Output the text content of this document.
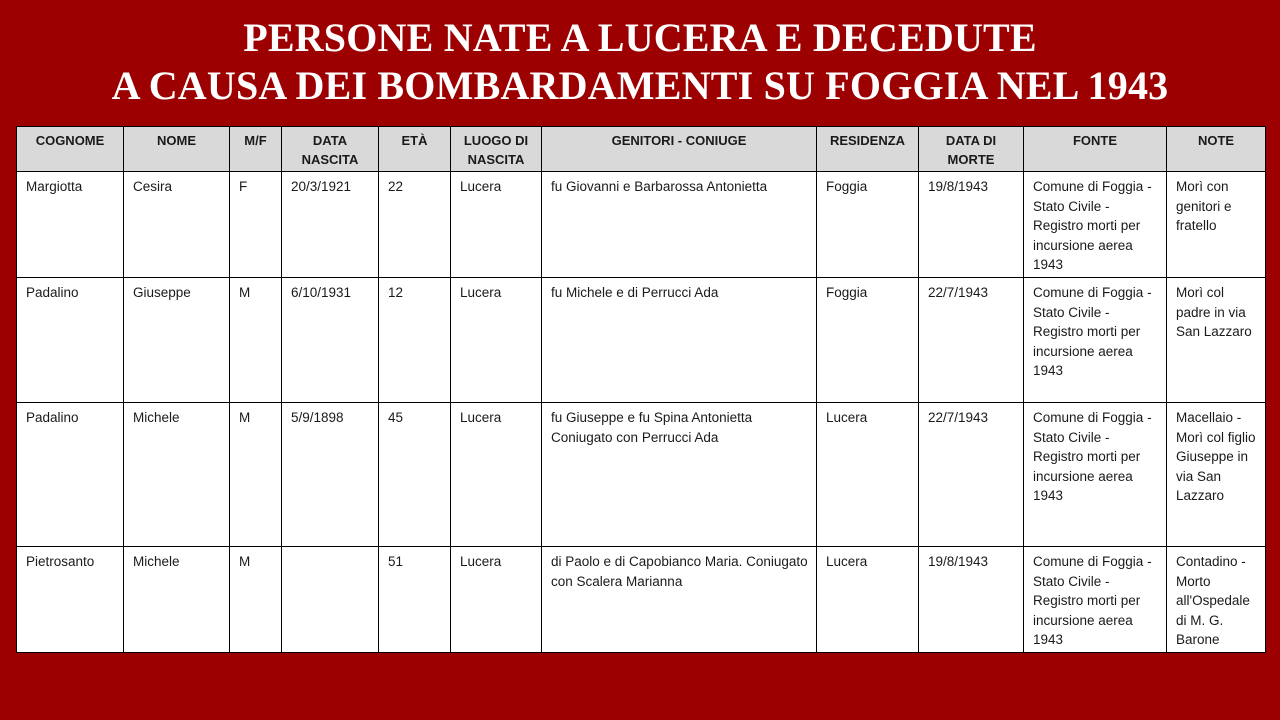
PERSONE NATE A LUCERA E DECEDUTE
A CAUSA DEI BOMBARDAMENTI SU FOGGIA NEL 1943
COGNOME	NOME	M/F	DATA NASCITA	ETÀ	LUOGO DI NASCITA	GENITORI - CONIUGE	RESIDENZA	DATA DI MORTE	FONTE	NOTE
Margiotta	Cesira	F	20/3/1921	22	Lucera	fu Giovanni e Barbarossa Antonietta	Foggia	19/8/1943	Comune di Foggia - Stato Civile - Registro morti per incursione aerea 1943	Morì con genitori e fratello
Padalino	Giuseppe	M	6/10/1931	12	Lucera	fu Michele e di Perrucci Ada	Foggia	22/7/1943	Comune di Foggia - Stato Civile - Registro morti per incursione aerea 1943	Morì col padre in via San Lazzaro
Padalino	Michele	M	5/9/1898	45	Lucera	fu Giuseppe e fu Spina Antonietta Coniugato con Perrucci Ada	Lucera	22/7/1943	Comune di Foggia - Stato Civile - Registro morti per incursione aerea 1943	Macellaio - Morì col figlio Giuseppe in via San Lazzaro
Pietrosanto	Michele	M		51	Lucera	di Paolo e di Capobianco Maria. Coniugato con Scalera Marianna	Lucera	19/8/1943	Comune di Foggia - Stato Civile - Registro morti per incursione aerea 1943	Contadino - Morto all'Ospedale di M. G. Barone
